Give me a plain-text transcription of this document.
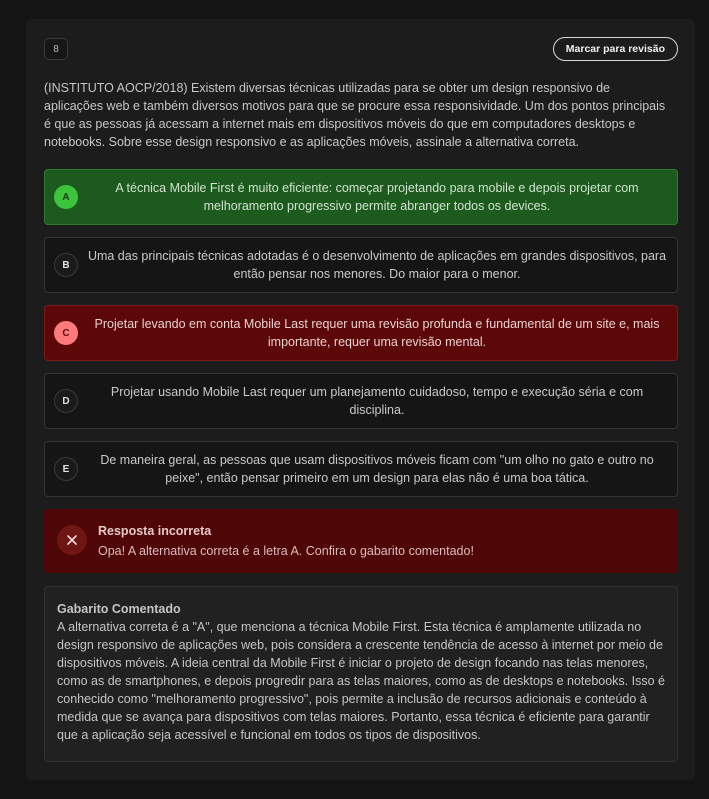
8	Marcar para revisão
(INSTITUTO AOCP/2018) Existem diversas técnicas utilizadas para se obter um design responsivo de aplicações web e também diversos motivos para que se procure essa responsividade. Um dos pontos principais é que as pessoas já acessam a internet mais em dispositivos móveis do que em computadores desktops e notebooks. Sobre esse design responsivo e as aplicações móveis, assinale a alternativa correta.
A
A técnica Mobile First é muito eficiente: começar projetando para mobile e depois projetar com melhoramento progressivo permite abranger todos os devices.
B
Uma das principais técnicas adotadas é o desenvolvimento de aplicações em grandes dispositivos, para então pensar nos menores. Do maior para o menor.
C
Projetar levando em conta Mobile Last requer uma revisão profunda e fundamental de um site e, mais importante, requer uma revisão mental.
D
Projetar usando Mobile Last requer um planejamento cuidadoso, tempo e execução séria e com disciplina.
E
De maneira geral, as pessoas que usam dispositivos móveis ficam com "um olho no gato e outro no peixe", então pensar primeiro em um design para elas não é uma boa tática.
Resposta incorreta
Opa! A alternativa correta é a letra A. Confira o gabarito comentado!
Gabarito Comentado
A alternativa correta é a "A", que menciona a técnica Mobile First. Esta técnica é amplamente utilizada no design responsivo de aplicações web, pois considera a crescente tendência de acesso à internet por meio de dispositivos móveis. A ideia central da Mobile First é iniciar o projeto de design focando nas telas menores, como as de smartphones, e depois progredir para as telas maiores, como as de desktops e notebooks. Isso é conhecido como "melhoramento progressivo", pois permite a inclusão de recursos adicionais e conteúdo à medida que se avança para dispositivos com telas maiores. Portanto, essa técnica é eficiente para garantir que a aplicação seja acessível e funcional em todos os tipos de dispositivos.
